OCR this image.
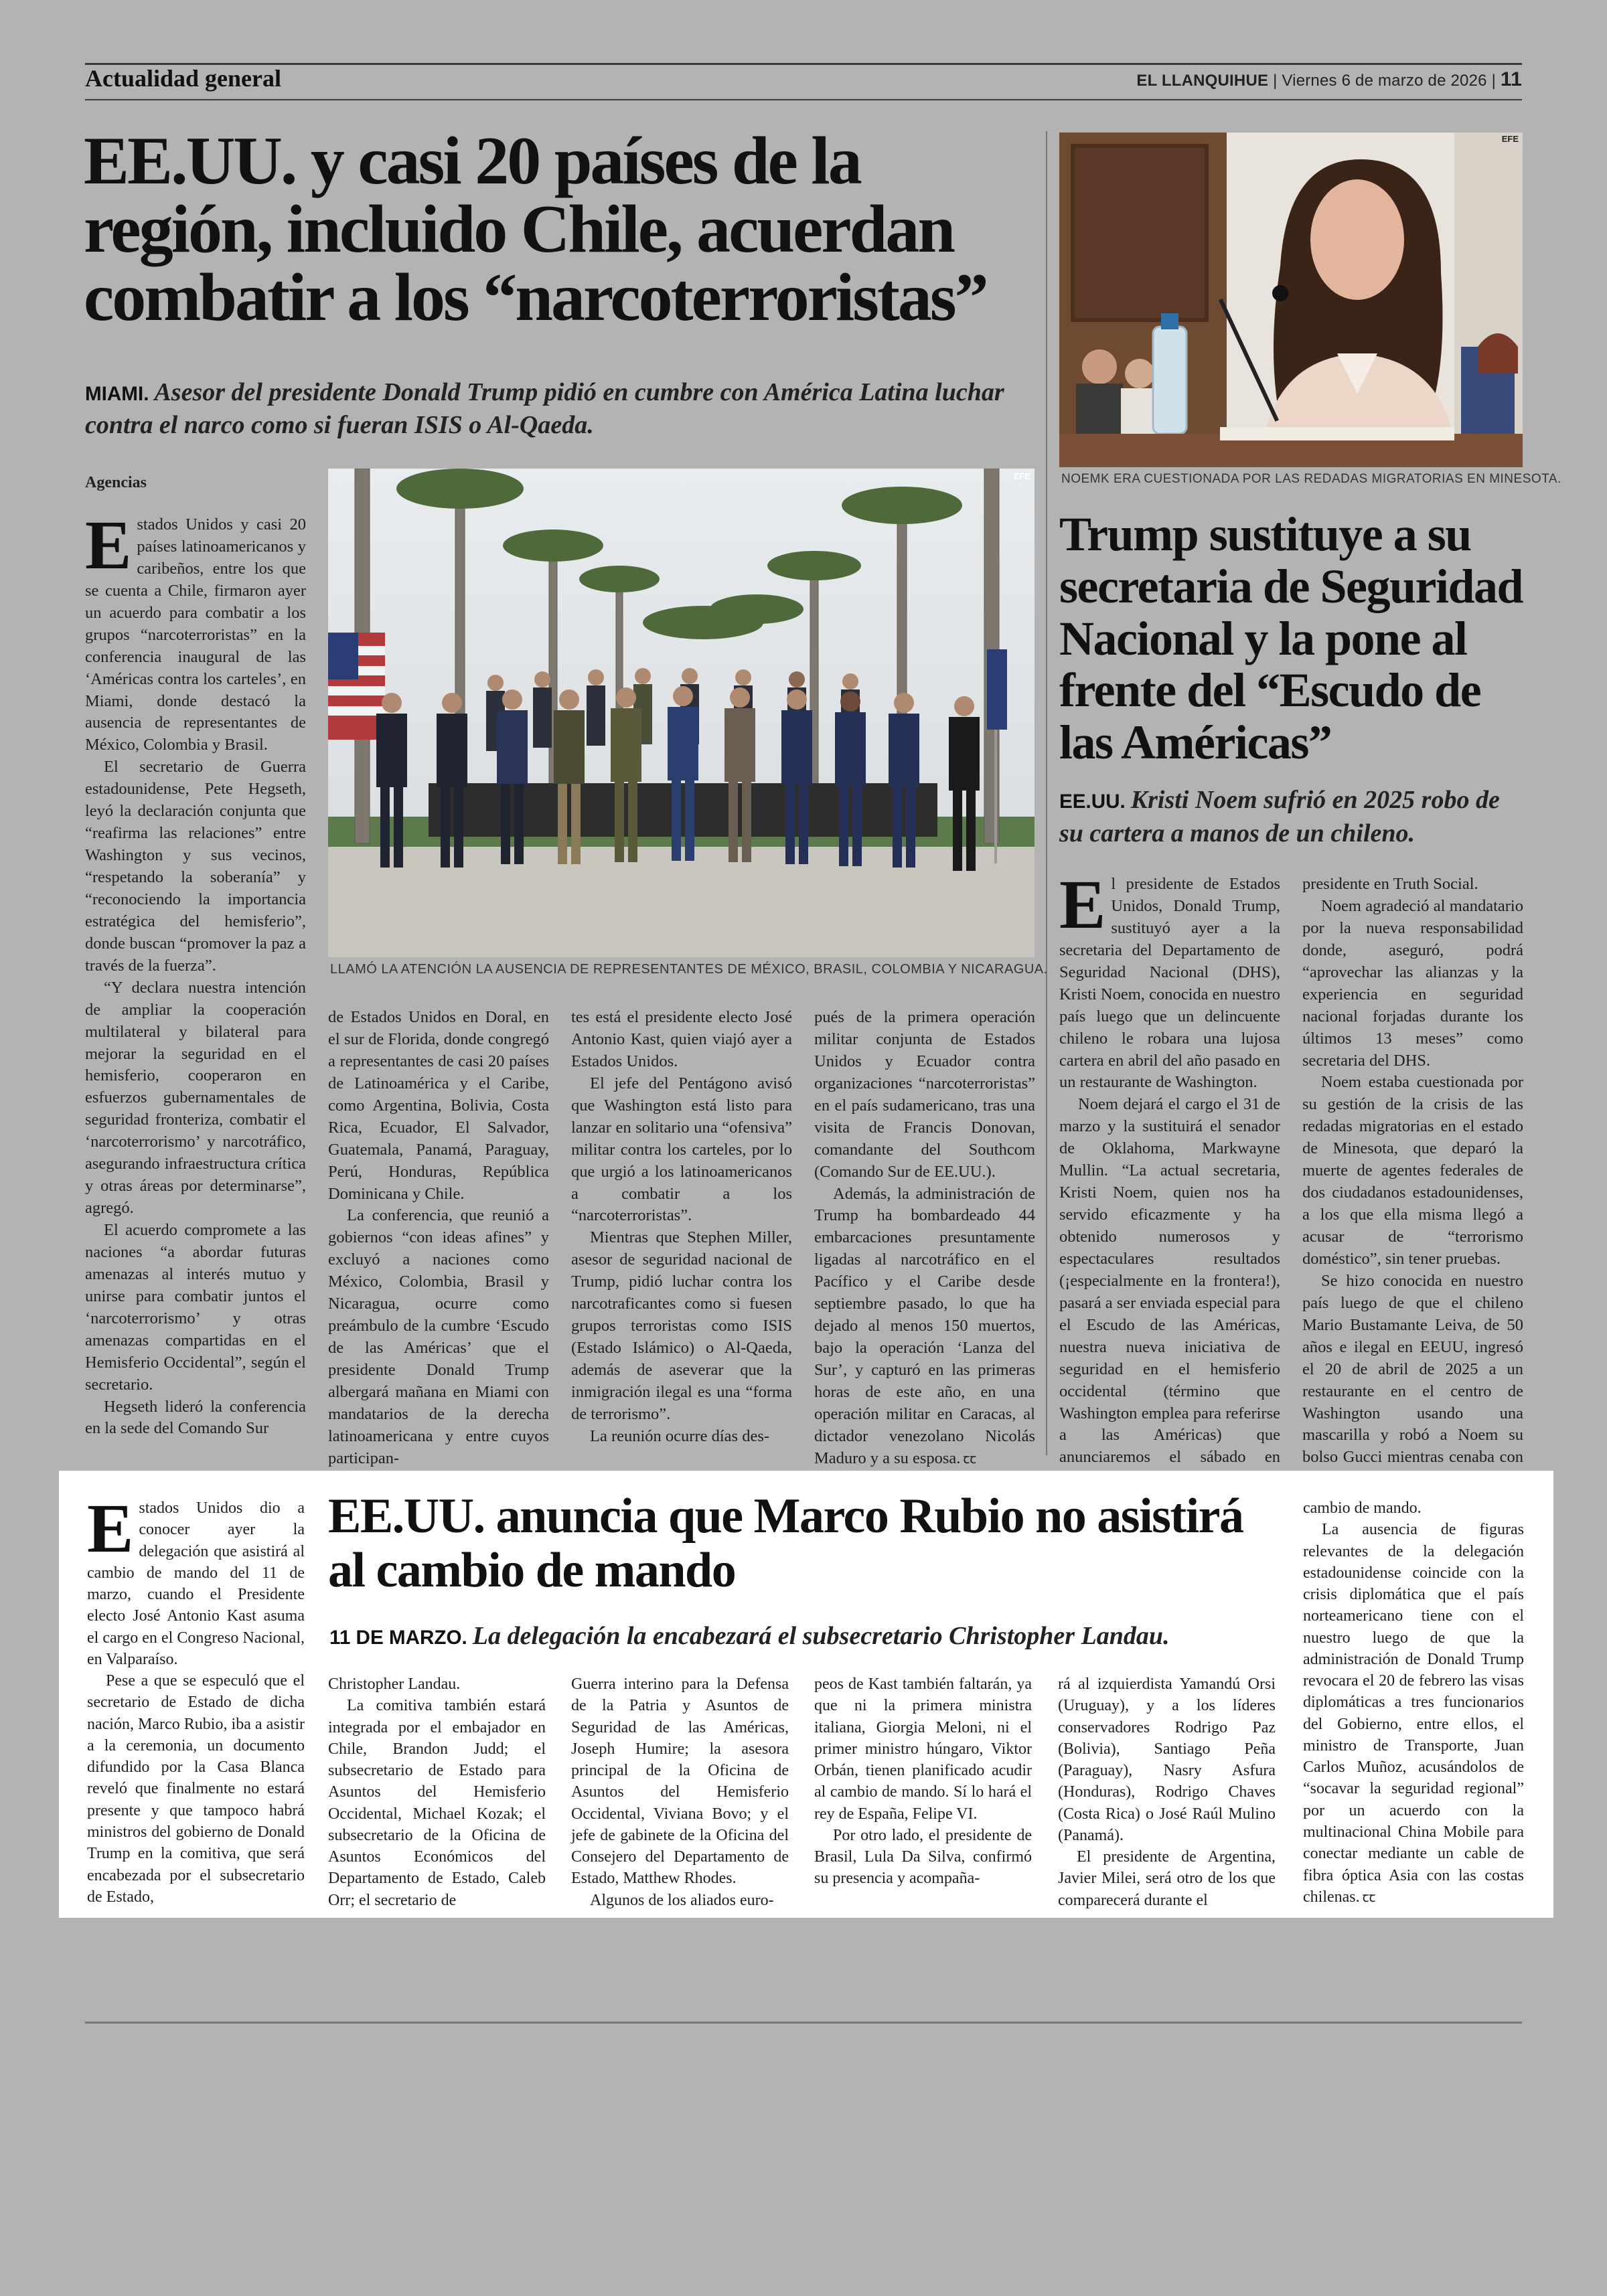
Actualidad general	EL LLANQUIHUE | Viernes 6 de marzo de 2026 | 11
EE.UU. y casi 20 países de la región, incluido Chile, acuerdan combatir a los “narcoterroristas”
MIAMI. Asesor del presidente Donald Trump pidió en cumbre con América Latina luchar contra el narco como si fueran ISIS o Al-Qaeda.
Agencias	EFE
LLAMÓ LA ATENCIÓN LA AUSENCIA DE REPRESENTANTES DE MÉXICO, BRASIL, COLOMBIA Y NICARAGUA.

Estados Unidos y casi 20 países latinoamericanos y caribeños, entre los que se cuenta a Chile, firmaron ayer un acuerdo para combatir a los grupos “narcoterroristas” en la conferencia inaugural de las ‘Américas contra los carteles’, en Miami, donde destacó la ausencia de representantes de México, Colombia y Brasil.

El secretario de Guerra estadounidense, Pete Hegseth, leyó la declaración conjunta que “reafirma las relaciones” entre Washington y sus vecinos, “respetando la soberanía” y “reconociendo la importancia estratégica del hemisferio”, donde buscan “promover la paz a través de la fuerza”.

“Y declara nuestra intención de ampliar la cooperación multilateral y bilateral para mejorar la seguridad en el hemisferio, cooperaron en esfuerzos gubernamentales de seguridad fronteriza, combatir el ‘narcoterrorismo’ y narcotráfico, asegurando infraestructura crítica y otras áreas por determinarse”, agregó.

El acuerdo compromete a las naciones “a abordar futuras amenazas al interés mutuo y unirse para combatir juntos el ‘narcoterrorismo’ y otras amenazas compartidas en el Hemisferio Occidental”, según el secretario.

Hegseth lideró la conferencia en la sede del Comando Sur

de Estados Unidos en Doral, en el sur de Florida, donde congregó a representantes de casi 20 países de Latinoamérica y el Caribe, como Argentina, Bolivia, Costa Rica, Ecuador, El Salvador, Guatemala, Panamá, Paraguay, Perú, Honduras, República Dominicana y Chile.

La conferencia, que reunió a gobiernos “con ideas afines” y excluyó a naciones como México, Colombia, Brasil y Nicaragua, ocurre como preámbulo de la cumbre ‘Escudo de las Américas’ que el presidente Donald Trump albergará mañana en Miami con mandatarios de la derecha latinoamericana y entre cuyos participan-

tes está el presidente electo José Antonio Kast, quien viajó ayer a Estados Unidos.

El jefe del Pentágono avisó que Washington está listo para lanzar en solitario una “ofensiva” militar contra los carteles, por lo que urgió a los latinoamericanos a combatir a los “narcoterroristas”.

Mientras que Stephen Miller, asesor de seguridad nacional de Trump, pidió luchar contra los narcotraficantes como si fuesen grupos terroristas como ISIS (Estado Islámico) o Al-Qaeda, además de aseverar que la inmigración ilegal es una “forma de terrorismo”.

La reunión ocurre días des-

pués de la primera operación militar conjunta de Estados Unidos y Ecuador contra organizaciones “narcoterroristas” en el país sudamericano, tras una visita de Francis Donovan, comandante del Southcom (Comando Sur de EE.UU.).

Además, la administración de Trump ha bombardeado 44 embarcaciones presuntamente ligadas al narcotráfico en el Pacífico y el Caribe desde septiembre pasado, lo que ha dejado al menos 150 muertos, bajo la operación ‘Lanza del Sur’, y capturó en las primeras horas de este año, en una operación militar en Caracas, al dictador venezolano Nicolás Maduro y a su esposa. ꞇꞇ

EFE
NOEMK ERA CUESTIONADA POR LAS REDADAS MIGRATORIAS EN MINESOTA.
Trump sustituye a su secretaria de Seguridad Nacional y la pone al frente del “Escudo de las Américas”
EE.UU. Kristi Noem sufrió en 2025 robo de su cartera a manos de un chileno.

El presidente de Estados Unidos, Donald Trump, sustituyó ayer a la secretaria del Departamento de Seguridad Nacional (DHS), Kristi Noem, conocida en nuestro país luego que un delincuente chileno le robara una lujosa cartera en abril del año pasado en un restaurante de Washington.

Noem dejará el cargo el 31 de marzo y la sustituirá el senador de Oklahoma, Markwayne Mullin. “La actual secretaria, Kristi Noem, quien nos ha servido eficazmente y ha obtenido numerosos y espectaculares resultados (¡especialmente en la frontera!), pasará a ser enviada especial para el Escudo de las Américas, nuestra nueva iniciativa de seguridad en el hemisferio occidental (término que Washington emplea para referirse a las Américas) que anunciaremos el sábado en

presidente en Truth Social.

Noem agradeció al mandatario por la nueva responsabilidad donde, aseguró, podrá “aprovechar las alianzas y la experiencia en seguridad nacional forjadas durante los últimos 13 meses” como secretaria del DHS.

Noem estaba cuestionada por su gestión de la crisis de las redadas migratorias en el estado de Minesota, que deparó la muerte de agentes federales de dos ciudadanos estadounidenses, a los que ella misma llegó a acusar de “terrorismo doméstico”, sin tener pruebas.

Se hizo conocida en nuestro país luego de que el chileno Mario Bustamante Leiva, de 50 años e ilegal en EEUU, ingresó el 20 de abril de 2025 a un restaurante en el centro de Washington usando una mascarilla y robó a Noem su bolso Gucci mientras cenaba con

EE.UU. anuncia que Marco Rubio no asistirá al cambio de mando
11 DE MARZO. La delegación la encabezará el subsecretario Christopher Landau.

Estados Unidos dio a conocer ayer la delegación que asistirá al cambio de mando del 11 de marzo, cuando el Presidente electo José Antonio Kast asuma el cargo en el Congreso Nacional, en Valparaíso.

Pese a que se especuló que el secretario de Estado de dicha nación, Marco Rubio, iba a asistir a la ceremonia, un documento difundido por la Casa Blanca reveló que finalmente no estará presente y que tampoco habrá ministros del gobierno de Donald Trump en la comitiva, que será encabezada por el subsecretario de Estado,

Christopher Landau.

La comitiva también estará integrada por el embajador en Chile, Brandon Judd; el subsecretario de Estado para Asuntos del Hemisferio Occidental, Michael Kozak; el subsecretario de la Oficina de Asuntos Económicos del Departamento de Estado, Caleb Orr; el secretario de

Guerra interino para la Defensa de la Patria y Asuntos de Seguridad de las Américas, Joseph Humire; la asesora principal de la Oficina de Asuntos del Hemisferio Occidental, Viviana Bovo; y el jefe de gabinete de la Oficina del Consejero del Departamento de Estado, Matthew Rhodes.

Algunos de los aliados euro-

peos de Kast también faltarán, ya que ni la primera ministra italiana, Giorgia Meloni, ni el primer ministro húngaro, Viktor Orbán, tienen planificado acudir al cambio de mando. Sí lo hará el rey de España, Felipe VI.

Por otro lado, el presidente de Brasil, Lula Da Silva, confirmó su presencia y acompaña-

rá al izquierdista Yamandú Orsi (Uruguay), y a los líderes conservadores Rodrigo Paz (Bolivia), Santiago Peña (Paraguay), Nasry Asfura (Honduras), Rodrigo Chaves (Costa Rica) o José Raúl Mulino (Panamá).

El presidente de Argentina, Javier Milei, será otro de los que comparecerá durante el

cambio de mando.

La ausencia de figuras relevantes de la delegación estadounidense coincide con la crisis diplomática que el país norteamericano tiene con el nuestro luego de que la administración de Donald Trump revocara el 20 de febrero las visas diplomáticas a tres funcionarios del Gobierno, entre ellos, el ministro de Transporte, Juan Carlos Muñoz, acusándolos de “socavar la seguridad regional” por un acuerdo con la multinacional China Mobile para conectar mediante un cable de fibra óptica Asia con las costas chilenas. ꞇꞇ
